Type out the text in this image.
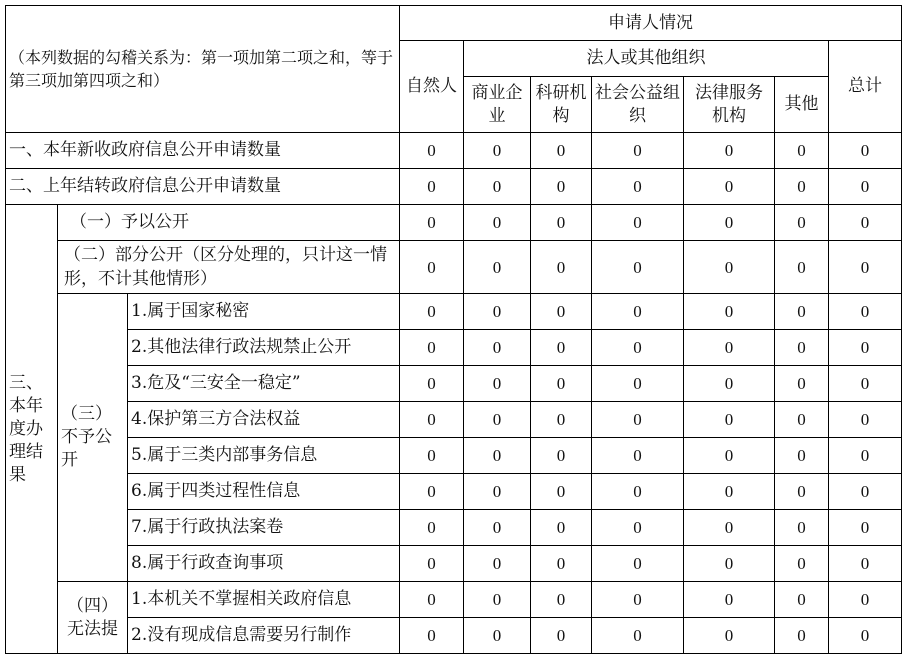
（本列数据的勾稽关系为：第一项加第二项之和，等于第三项加第四项之和）			申请人情况						
			自然人	法人或其他组织					总计
				商业企业	科研机构	社会公益组织	法律服务机构	其他	
一、本年新收政府信息公开申请数量			0	0	0	0	0	0	0
二、上年结转政府信息公开申请数量			0	0	0	0	0	0	0
三、本年度办理结果	（一）予以公开		0	0	0	0	0	0	0
	（二）部分公开（区分处理的，只计这一情形，不计其他情形）		0	0	0	0	0	0	0
	（三）不予公开	1.属于国家秘密	0	0	0	0	0	0	0
		2.其他法律行政法规禁止公开	0	0	0	0	0	0	0
		3.危及“三安全一稳定”	0	0	0	0	0	0	0
		4.保护第三方合法权益	0	0	0	0	0	0	0
		5.属于三类内部事务信息	0	0	0	0	0	0	0
		6.属于四类过程性信息	0	0	0	0	0	0	0
		7.属于行政执法案卷	0	0	0	0	0	0	0
		8.属于行政查询事项	0	0	0	0	0	0	0
	（四）无法提	1.本机关不掌握相关政府信息	0	0	0	0	0	0	0
		2.没有现成信息需要另行制作	0	0	0	0	0	0	0
